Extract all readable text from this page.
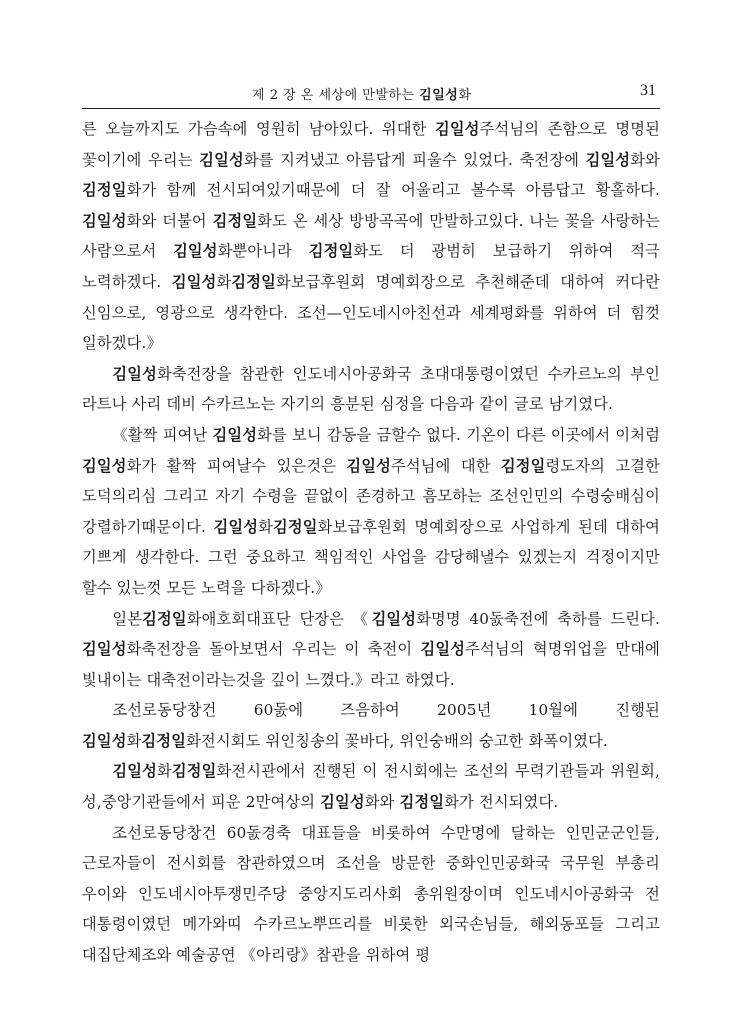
제 2 장 온 세상에 만발하는 김일성화	31

른 오늘까지도 가슴속에 영원히 남아있다. 위대한 김일성주석님의 존함으로 명명된 꽃이기에 우리는 김일성화를 지켜냈고 아름답게 피울수 있었다. 축전장에 김일성화와 김정일화가 함께 전시되여있기때문에 더 잘 어울리고 볼수록 아름답고 황홀하다. 김일성화와 더불어 김정일화도 온 세상 방방곡곡에 만발하고있다. 나는 꽃을 사랑하는 사람으로서 김일성화뿐아니라 김정일화도 더 광범히 보급하기 위하여 적극 노력하겠다. 김일성화김정일화보급후원회 명예회장으로 추천해준데 대하여 커다란 신임으로, 영광으로 생각한다. 조선—인도네시아친선과 세계평화를 위하여 더 힘껏 일하겠다.》

김일성화축전장을 참관한 인도네시아공화국 초대대통령이였던 수카르노의 부인 라트나 사리 데비 수카르노는 자기의 흥분된 심정을 다음과 같이 글로 남기였다.

《활짝 피여난 김일성화를 보니 감동을 금할수 없다. 기온이 다른 이곳에서 이처럼 김일성화가 활짝 피여날수 있은것은 김일성주석님에 대한 김정일령도자의 고결한 도덕의리심 그리고 자기 수령을 끝없이 존경하고 흠모하는 조선인민의 수령숭배심이 강렬하기때문이다. 김일성화김정일화보급후원회 명예회장으로 사업하게 된데 대하여 기쁘게 생각한다. 그런 중요하고 책임적인 사업을 감당해낼수 있겠는지 걱정이지만 할수 있는껏 모든 노력을 다하겠다.》

일본김정일화애호회대표단 단장은 《김일성화명명 40돐축전에 축하를 드린다. 김일성화축전장을 돌아보면서 우리는 이 축전이 김일성주석님의 혁명위업을 만대에 빛내이는 대축전이라는것을 깊이 느꼈다.》라고 하였다.

조선로동당창건 60돐에 즈음하여 2005년 10월에 진행된 김일성화김정일화전시회도 위인칭송의 꽃바다, 위인숭배의 숭고한 화폭이였다.

김일성화김정일화전시관에서 진행된 이 전시회에는 조선의 무력기관들과 위원회, 성,중앙기관들에서 피운 2만여상의 김일성화와 김정일화가 전시되였다.

조선로동당창건 60돐경축 대표들을 비롯하여 수만명에 달하는 인민군군인들, 근로자들이 전시회를 참관하였으며 조선을 방문한 중화인민공화국 국무원 부총리 우이와 인도네시아투쟁민주당 중앙지도리사회 총위원장이며 인도네시아공화국 전 대통령이였던 메가와띠 수카르노뿌뜨리를 비롯한 외국손님들, 해외동포들 그리고 대집단체조와 예술공연 《아리랑》참관을 위하여 평
